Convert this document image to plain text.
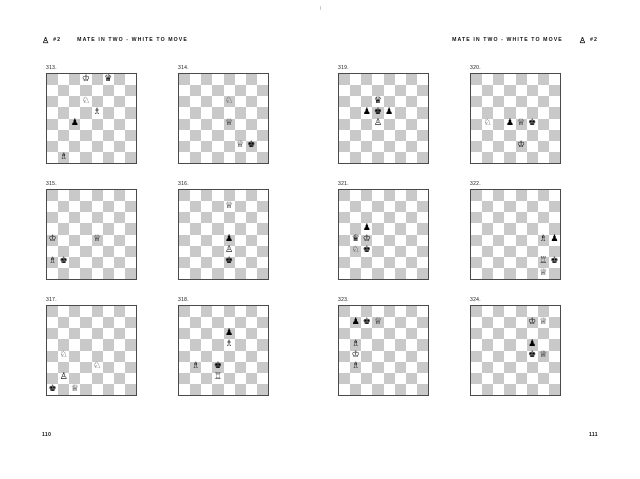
♙ #2	MATE IN TWO - WHITE TO MOVE
313.
♔ ♛
♘
♗
♟
♗
314.
♘
♕
♕ ♚
315.
♔	♕
♗ ♚
316.
♕
♟
♙
♚
317.
♘
♘
♙
♚ ♕
318.
♟
♗
♗ ♚
♖
110
MATE IN TWO - WHITE TO MOVE ♙ #2
319.
♛
♟ ♚ ♟
♙
320.
♘ ♟ ♕ ♚
♔
321.
♟
♛ ♔
♘ ♚
322.
♗ ♟
♖ ♚
♕
323.
♟ ♚ ♕
♗
♔
♗
324.
♔ ♕
♟
♚ ♕
111
